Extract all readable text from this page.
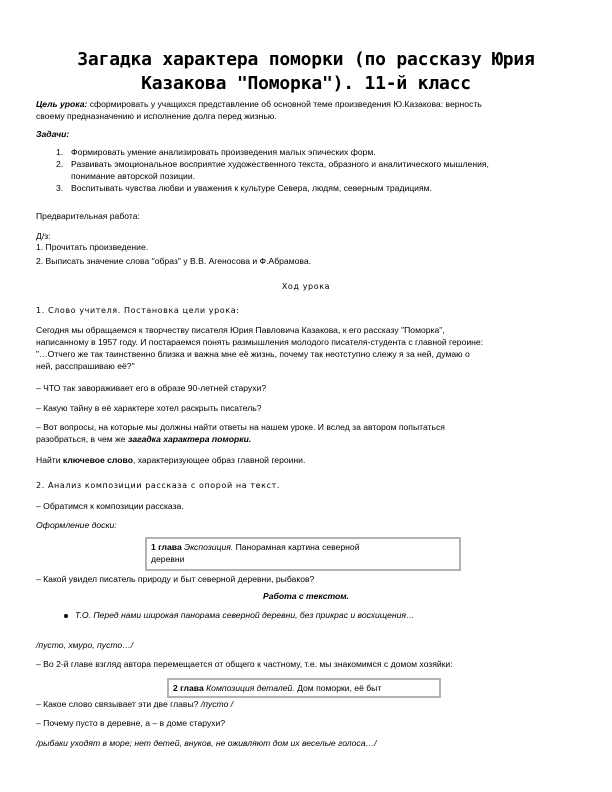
Загадка характера поморки (по рассказу Юрия
Казакова "Поморка"). 11-й класс
Цель урока: сформировать у учащихся представление об основной теме произведения Ю.Казакова: верность
своему предназначению и исполнение долга перед жизнью.
Задачи:
1. Формировать умение анализировать произведения малых эпических форм.
2. Развивать эмоциональное восприятие художественного текста, образного и аналитического мышления,
понимание авторской позиции.
3. Воспитывать чувства любви и уважения к культуре Севера, людям, северным традициям.
Предварительная работа:
Д/з:
1. Прочитать произведение.
2. Выписать значение слова "образ" у В.В. Агеносова и Ф.Абрамова.
Ход урока
1. Слово учителя. Постановка цели урока:
Сегодня мы обращаемся к творчеству писателя Юрия Павловича Казакова, к его рассказу "Поморка",
написанному в 1957 году. И постараемся понять размышления молодого писателя-студента с главной героине:
"…Отчего же так таинственно близка и важна мне её жизнь, почему так неотступно слежу я за ней, думаю о
ней, расспрашиваю её?"
– ЧТО так завораживает его в образе 90-летней старухи?
– Какую тайну в её характере хотел раскрыть писатель?
– Вот вопросы, на которые мы должны найти ответы на нашем уроке. И вслед за автором попытаться
разобраться, в чем же загадка характера поморки.
Найти ключевое слово, характеризующее образ главной героини.
2. Анализ композиции рассказа с опорой на текст.
– Обратимся к композиции рассказа.
Оформление доски:
1 глава Экспозиция. Панорамная картина северной
деревни
– Какой увидел писатель природу и быт северной деревни, рыбаков?
Работа с текстом.
Т.О. Перед нами широкая панорама северной деревни, без прикрас и восхищения…
/пусто, хмуро, пусто…/
– Во 2-й главе взгляд автора перемещается от общего к частному, т.е. мы знакомимся с домом хозяйки:
2 глава Композиция деталей. Дом поморки, её быт
– Какое слово связывает эти две главы? /пусто /
– Почему пусто в деревне, а – в доме старухи?
/рыбаки уходят в море; нет детей, внуков, не оживляют дом их веселые голоса…/
